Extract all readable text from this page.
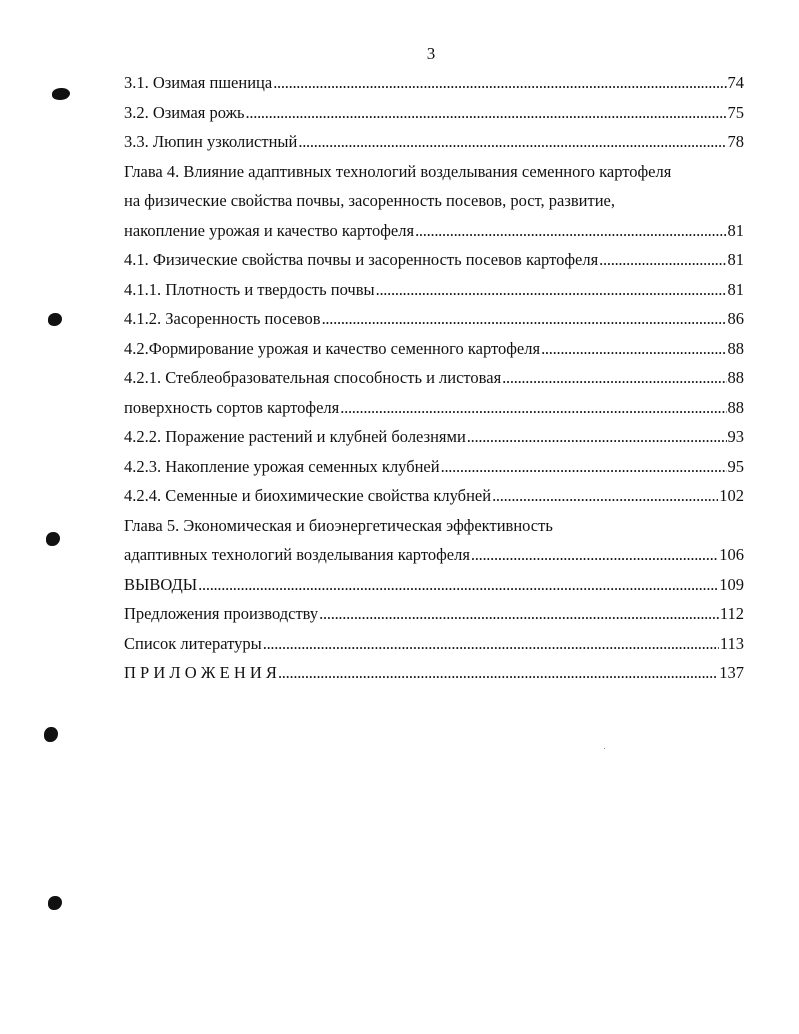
3
3.1. Озимая пшеница . . .	74
3.2. Озимая рожь . . .	75
3.3. Люпин узколистный . . .	78
Глава 4. Влияние адаптивных технологий возделывания семенного картофеля
на физические свойства почвы, засоренность посевов, рост, развитие,
накопление урожая и качество картофеля . . .	81
4.1. Физические свойства почвы и засоренность посевов картофеля . . .	81
4.1.1. Плотность и твердость почвы . . .	81
4.1.2. Засоренность посевов . . .	86
4.2.Формирование урожая и качество семенного картофеля . . .	88
4.2.1. Стеблеобразовательная способность и листовая . . .	88
поверхность сортов картофеля . . .	88
4.2.2. Поражение растений и клубней болезнями . . .	93
4.2.3. Накопление урожая семенных клубней . . .	95
4.2.4. Семенные и биохимические свойства клубней . . .	102
Глава 5. Экономическая и биоэнергетическая эффективность
адаптивных технологий возделывания картофеля . . .	106
ВЫВОДЫ . . .	109
Предложения производству . . .	112
Список литературы . . .	113
П Р И Л О Ж Е Н И Я . . .	137
